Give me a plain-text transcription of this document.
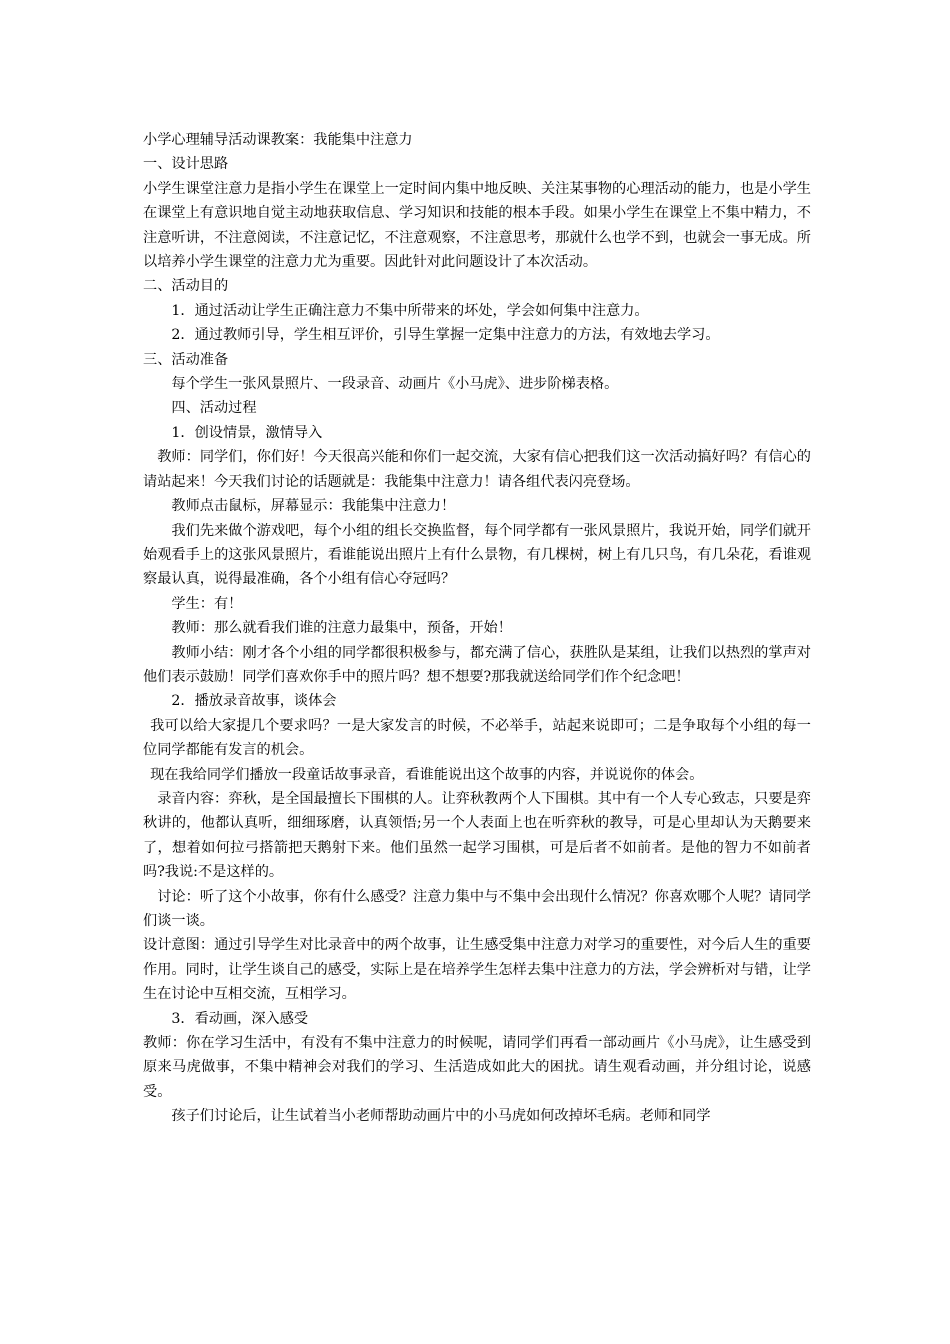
小学心理辅导活动课教案：我能集中注意力

一、设计思路

小学生课堂注意力是指小学生在课堂上一定时间内集中地反映、关注某事物的心理活动的能力，也是小学生在课堂上有意识地自觉主动地获取信息、学习知识和技能的根本手段。如果小学生在课堂上不集中精力，不注意听讲，不注意阅读，不注意记忆，不注意观察，不注意思考，那就什么也学不到，也就会一事无成。所以培养小学生课堂的注意力尤为重要。因此针对此问题设计了本次活动。

二、活动目的

1．通过活动让学生正确注意力不集中所带来的坏处，学会如何集中注意力。

2．通过教师引导，学生相互评价，引导生掌握一定集中注意力的方法，有效地去学习。

三、活动准备

每个学生一张风景照片、一段录音、动画片《小马虎》、进步阶梯表格。

四、活动过程

1．创设情景，激情导入

教师：同学们，你们好！今天很高兴能和你们一起交流，大家有信心把我们这一次活动搞好吗？有信心的请站起来！今天我们讨论的话题就是：我能集中注意力！请各组代表闪亮登场。

教师点击鼠标，屏幕显示：我能集中注意力！

我们先来做个游戏吧，每个小组的组长交换监督，每个同学都有一张风景照片，我说开始，同学们就开始观看手上的这张风景照片，看谁能说出照片上有什么景物，有几棵树，树上有几只鸟，有几朵花，看谁观察最认真，说得最准确，各个小组有信心夺冠吗？

学生：有！

教师：那么就看我们谁的注意力最集中，预备，开始！

教师小结：刚才各个小组的同学都很积极参与，都充满了信心，获胜队是某组，让我们以热烈的掌声对他们表示鼓励！同学们喜欢你手中的照片吗？想不想要?那我就送给同学们作个纪念吧！

2．播放录音故事，谈体会

我可以给大家提几个要求吗？一是大家发言的时候，不必举手，站起来说即可；二是争取每个小组的每一位同学都能有发言的机会。

现在我给同学们播放一段童话故事录音，看谁能说出这个故事的内容，并说说你的体会。

录音内容：弈秋，是全国最擅长下围棋的人。让弈秋教两个人下围棋。其中有一个人专心致志，只要是弈秋讲的，他都认真听，细细琢磨，认真领悟;另一个人表面上也在听弈秋的教导，可是心里却认为天鹅要来了，想着如何拉弓搭箭把天鹅射下来。他们虽然一起学习围棋，可是后者不如前者。是他的智力不如前者吗?我说:不是这样的。

讨论：听了这个小故事，你有什么感受？注意力集中与不集中会出现什么情况？你喜欢哪个人呢？请同学们谈一谈。

设计意图：通过引导学生对比录音中的两个故事，让生感受集中注意力对学习的重要性，对今后人生的重要作用。同时，让学生谈自己的感受，实际上是在培养学生怎样去集中注意力的方法，学会辨析对与错，让学生在讨论中互相交流，互相学习。

3．看动画，深入感受

教师：你在学习生活中，有没有不集中注意力的时候呢，请同学们再看一部动画片《小马虎》，让生感受到原来马虎做事，不集中精神会对我们的学习、生活造成如此大的困扰。请生观看动画，并分组讨论，说感受。

孩子们讨论后，让生试着当小老师帮助动画片中的小马虎如何改掉坏毛病。老师和同学
